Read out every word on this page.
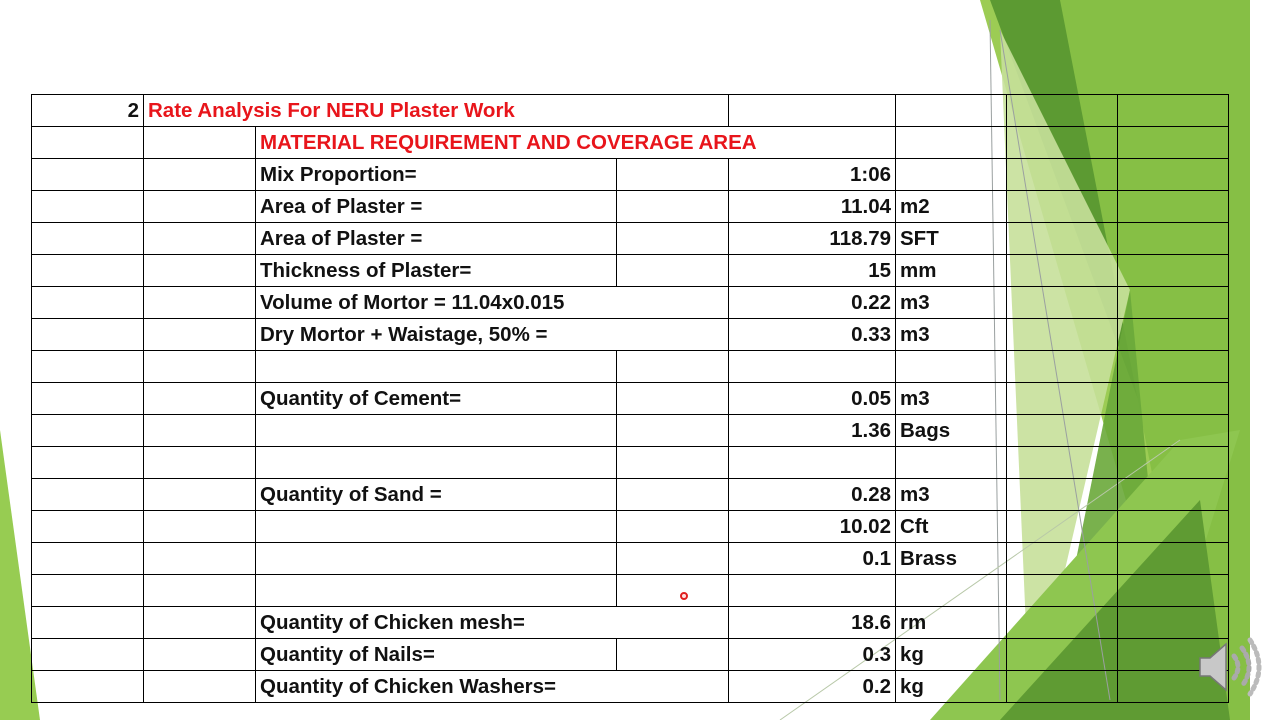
2	Rate Analysis For NERU Plaster Work						
		MATERIAL REQUIREMENT AND COVERAGE AREA					
		Mix Proportion=		1:06			
		Area of Plaster =		11.04	m2		
		Area of Plaster =		118.79	SFT		
		Thickness of Plaster=		15	mm		
		Volume of Mortor = 11.04x0.015		0.22	m3		
		Dry Mortor + Waistage, 50% =		0.33	m3		

		Quantity of Cement=		0.05	m3		
				1.36	Bags		

		Quantity of Sand =		0.28	m3		
				10.02	Cft		
				0.1	Brass		

		Quantity of Chicken mesh=		18.6	rm		
		Quantity of Nails=		0.3	kg		
		Quantity of Chicken Washers=		0.2	kg		
